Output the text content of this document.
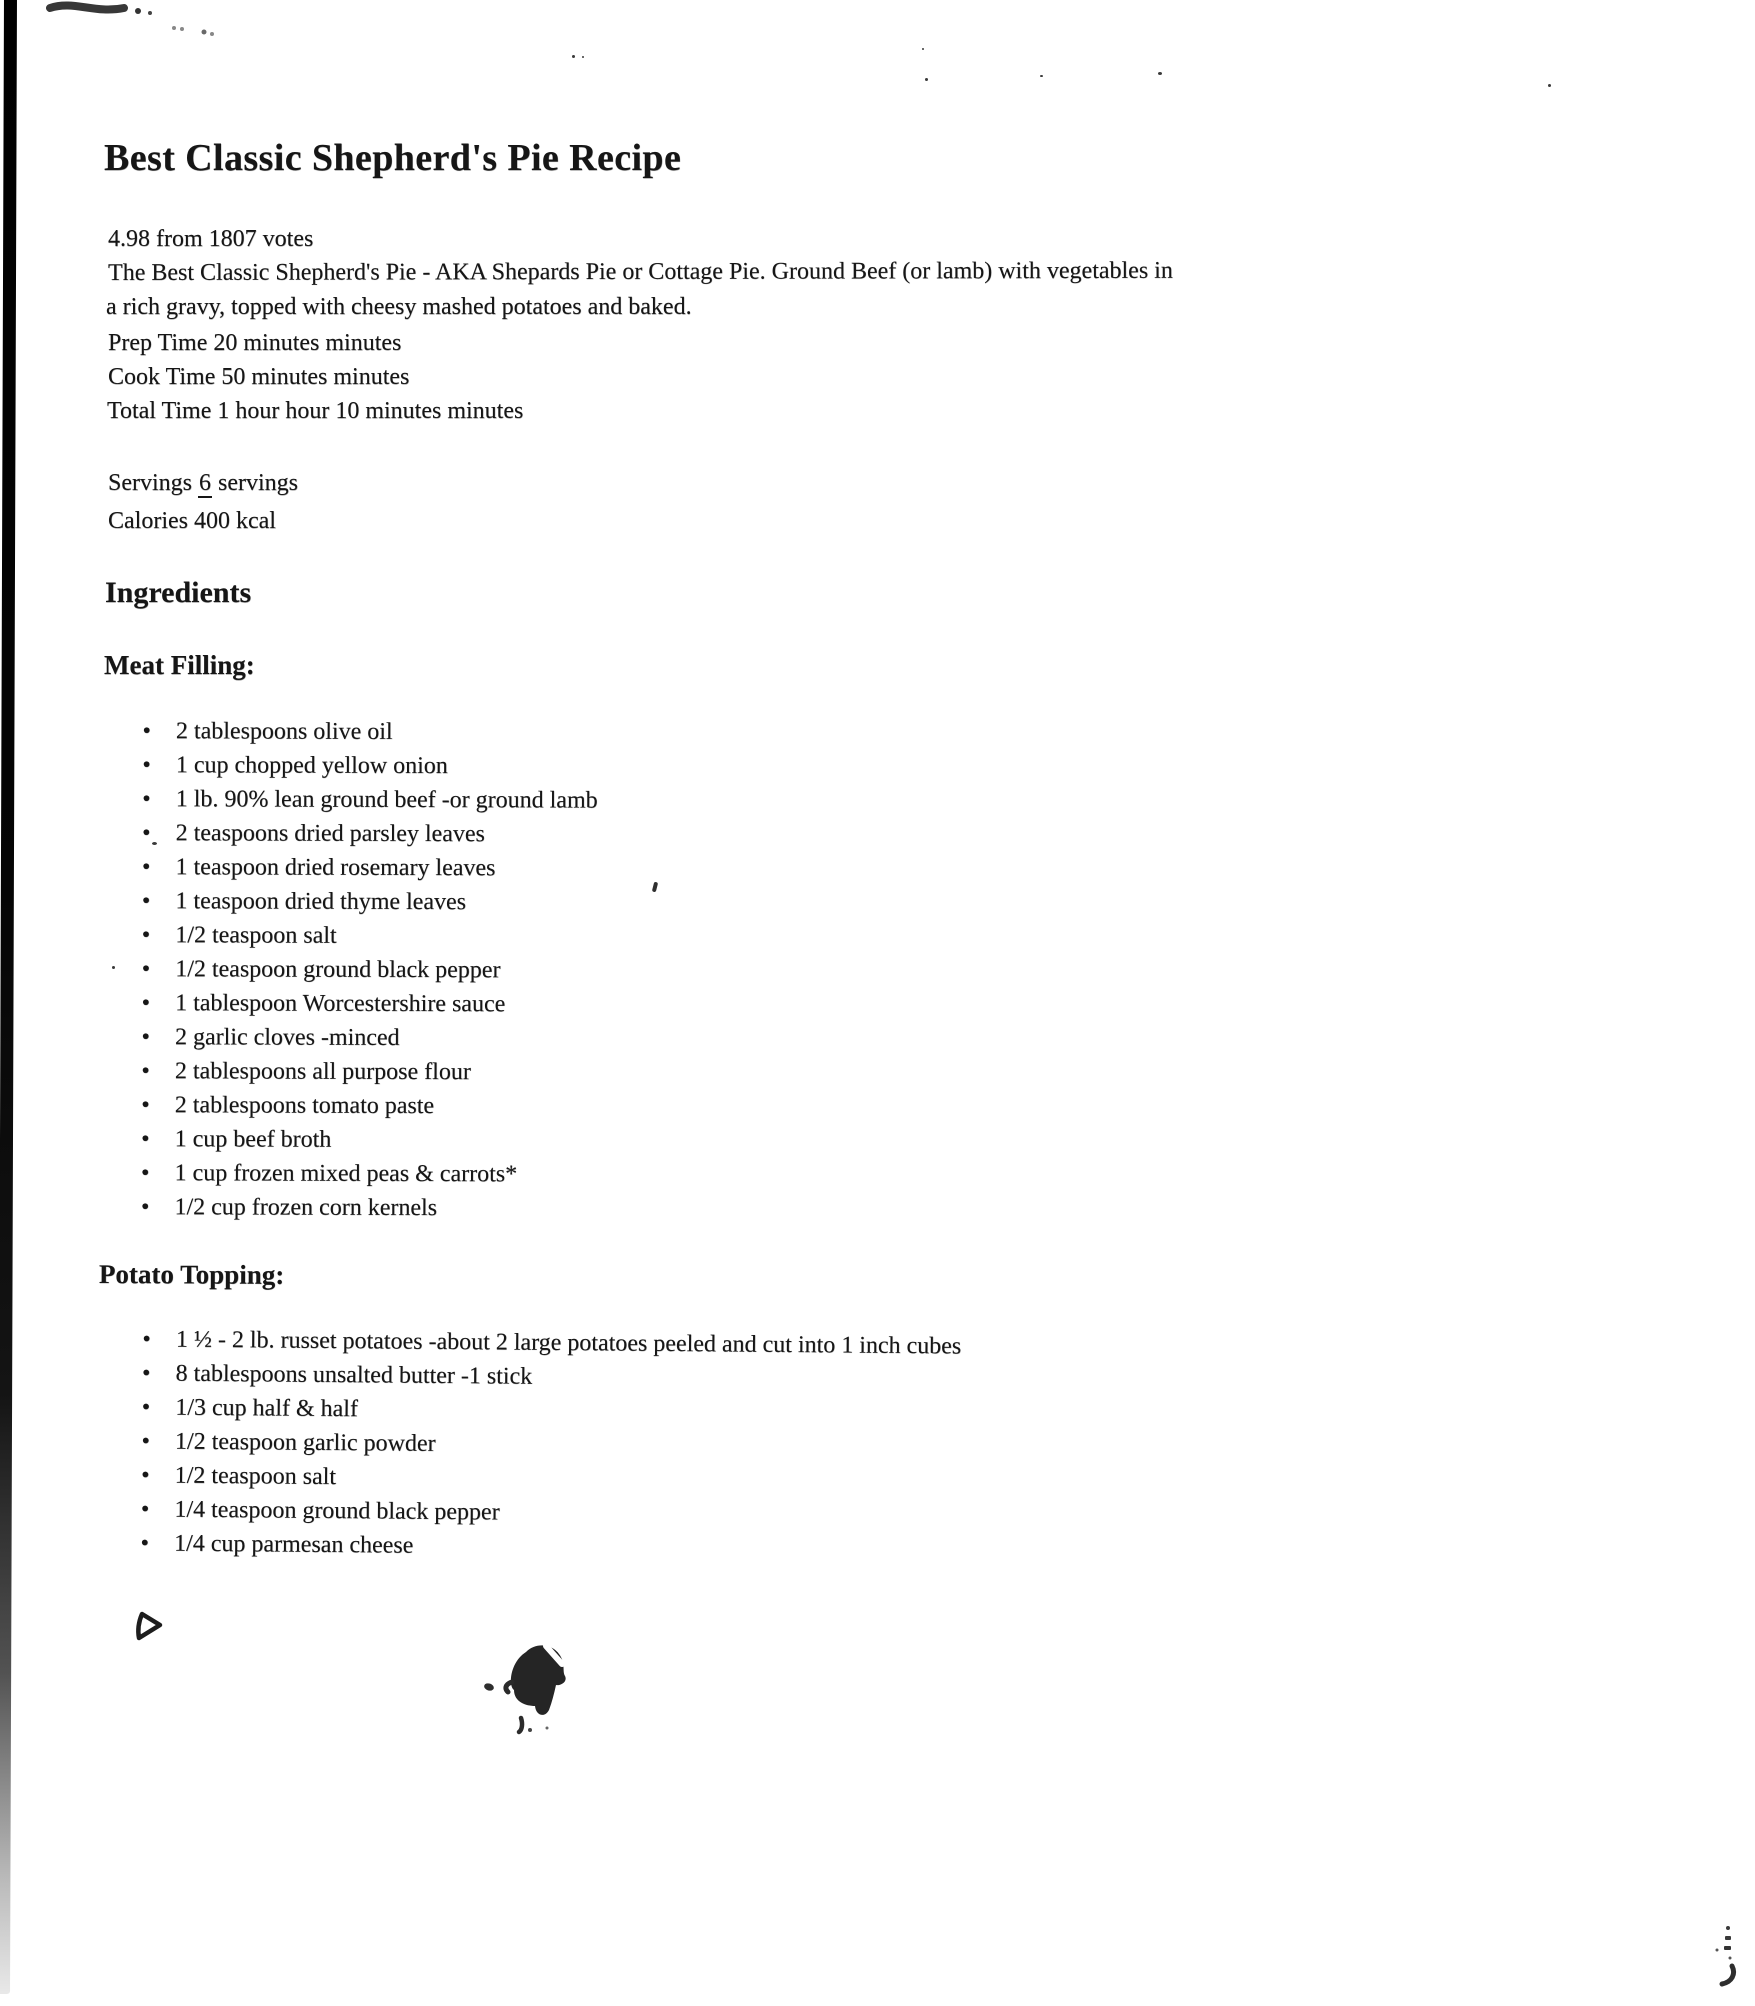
Best Classic Shepherd's Pie Recipe
4.98 from 1807 votes
The Best Classic Shepherd's Pie - AKA Shepards Pie or Cottage Pie. Ground Beef (or lamb) with vegetables in
a rich gravy, topped with cheesy mashed potatoes and baked.
Prep Time 20 minutes minutes
Cook Time 50 minutes minutes
Total Time 1 hour hour 10 minutes minutes
Servings 6 servings
Calories 400 kcal
Ingredients
Meat Filling:
• 2 tablespoons olive oil
• 1 cup chopped yellow onion
• 1 lb. 90% lean ground beef -or ground lamb
• 2 teaspoons dried parsley leaves
• 1 teaspoon dried rosemary leaves
• 1 teaspoon dried thyme leaves
• 1/2 teaspoon salt
• 1/2 teaspoon ground black pepper
• 1 tablespoon Worcestershire sauce
• 2 garlic cloves -minced
• 2 tablespoons all purpose flour
• 2 tablespoons tomato paste
• 1 cup beef broth
• 1 cup frozen mixed peas & carrots*
• 1/2 cup frozen corn kernels
Potato Topping:
• 1 ½ - 2 lb. russet potatoes -about 2 large potatoes peeled and cut into 1 inch cubes
• 8 tablespoons unsalted butter -1 stick
• 1/3 cup half & half
• 1/2 teaspoon garlic powder
• 1/2 teaspoon salt
• 1/4 teaspoon ground black pepper
• 1/4 cup parmesan cheese
